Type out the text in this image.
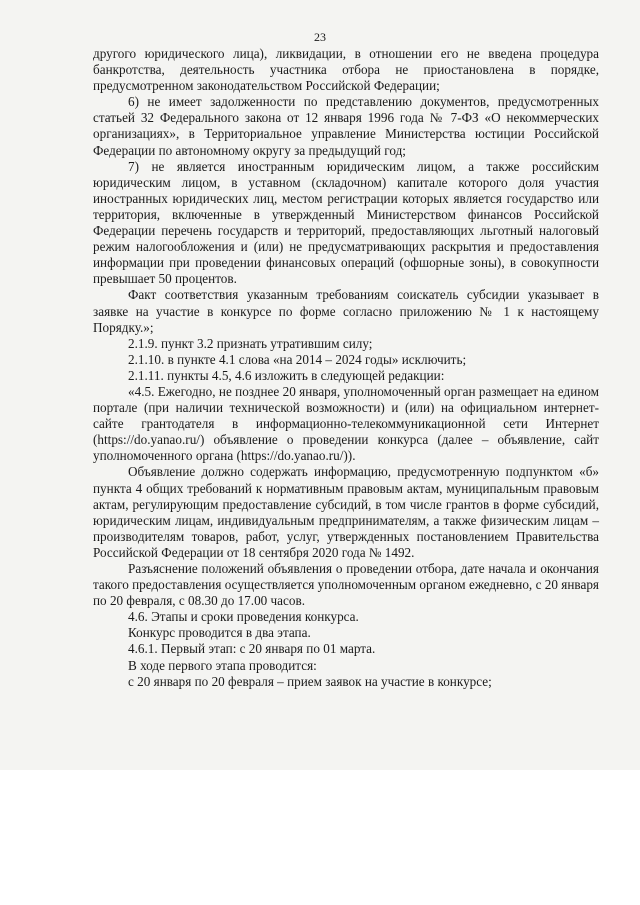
23

другого юридического лица), ликвидации, в отношении его не введена процедура банкротства, деятельность участника отбора не приостановлена в порядке, предусмотренном законодательством Российской Федерации;

6) не имеет задолженности по представлению документов, предусмотренных статьей 32 Федерального закона от 12 января 1996 года № 7-ФЗ «О некоммерческих организациях», в Территориальное управление Министерства юстиции Российской Федерации по автономному округу за предыдущий год;

7) не является иностранным юридическим лицом, а также российским юридическим лицом, в уставном (складочном) капитале которого доля участия иностранных юридических лиц, местом регистрации которых является государство или территория, включенные в утвержденный Министерством финансов Российской Федерации перечень государств и территорий, предоставляющих льготный налоговый режим налогообложения и (или) не предусматривающих раскрытия и предоставления информации при проведении финансовых операций (офшорные зоны), в совокупности превышает 50 процентов.

Факт соответствия указанным требованиям соискатель субсидии указывает в заявке на участие в конкурсе по форме согласно приложению № 1 к настоящему Порядку.»;

2.1.9. пункт 3.2 признать утратившим силу;

2.1.10. в пункте 4.1 слова «на 2014 – 2024 годы» исключить;

2.1.11. пункты 4.5, 4.6 изложить в следующей редакции:

«4.5. Ежегодно, не позднее 20 января, уполномоченный орган размещает на едином портале (при наличии технической возможности) и (или) на официальном интернет-сайте грантодателя в информационно-телекоммуникационной сети Интернет (https://do.yanao.ru/) объявление о проведении конкурса (далее – объявление, сайт уполномоченного органа (https://do.yanao.ru/)).

Объявление должно содержать информацию, предусмотренную подпунктом «б» пункта 4 общих требований к нормативным правовым актам, муниципальным правовым актам, регулирующим предоставление субсидий, в том числе грантов в форме субсидий, юридическим лицам, индивидуальным предпринимателям, а также физическим лицам – производителям товаров, работ, услуг, утвержденных постановлением Правительства Российской Федерации от 18 сентября 2020 года № 1492.

Разъяснение положений объявления о проведении отбора, дате начала и окончания такого предоставления осуществляется уполномоченным органом ежедневно, с 20 января по 20 февраля, с 08.30 до 17.00 часов.

4.6. Этапы и сроки проведения конкурса.

Конкурс проводится в два этапа.

4.6.1. Первый этап: с 20 января по 01 марта.

В ходе первого этапа проводится:

с 20 января по 20 февраля – прием заявок на участие в конкурсе;
